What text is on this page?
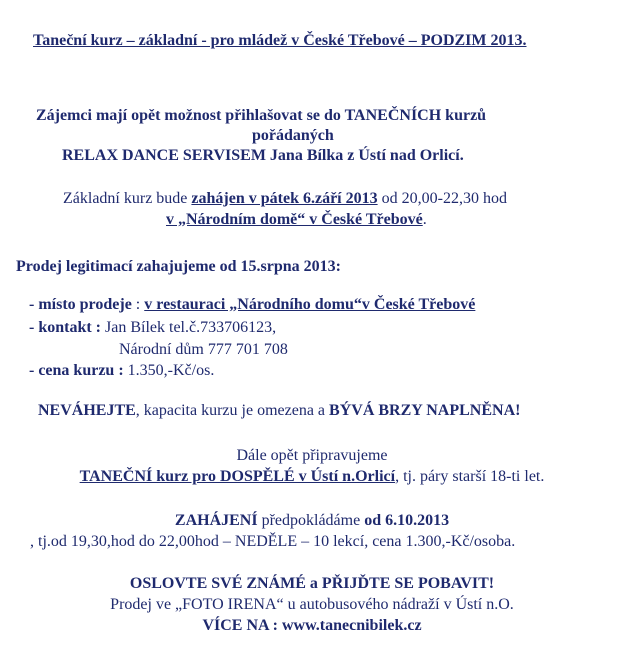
Taneční kurz – základní - pro mládež v České Třebové – PODZIM 2013.
Zájemci mají opět možnost přihlašovat se do TANEČNÍCH kurzů
pořádaných
RELAX DANCE SERVISEM Jana Bílka z Ústí nad Orlicí.
Základní kurz bude zahájen v pátek 6.září 2013 od 20,00-22,30 hod
v „Národním domě“ v České Třebové.
Prodej legitimací zahajujeme od 15.srpna 2013:
- místo prodeje : v restauraci „Národního domu“v České Třebové
- kontakt : Jan Bílek tel.č.733706123,
Národní dům 777 701 708
- cena kurzu : 1.350,-Kč/os.
NEVÁHEJTE, kapacita kurzu je omezena a BÝVÁ BRZY NAPLNĚNA!
Dále opět připravujeme
TANEČNÍ kurz pro DOSPĚLÉ v Ústí n.Orlicí, tj. páry starší 18-ti let.
ZAHÁJENÍ předpokládáme od 6.10.2013
, tj.od 19,30,hod do 22,00hod – NEDĚLE – 10 lekcí, cena 1.300,-Kč/osoba.
OSLOVTE SVÉ ZNÁMÉ a PŘIJĎTE SE POBAVIT!
Prodej ve „FOTO IRENA“ u autobusového nádraží v Ústí n.O.
VÍCE NA : www.tanecnibilek.cz
